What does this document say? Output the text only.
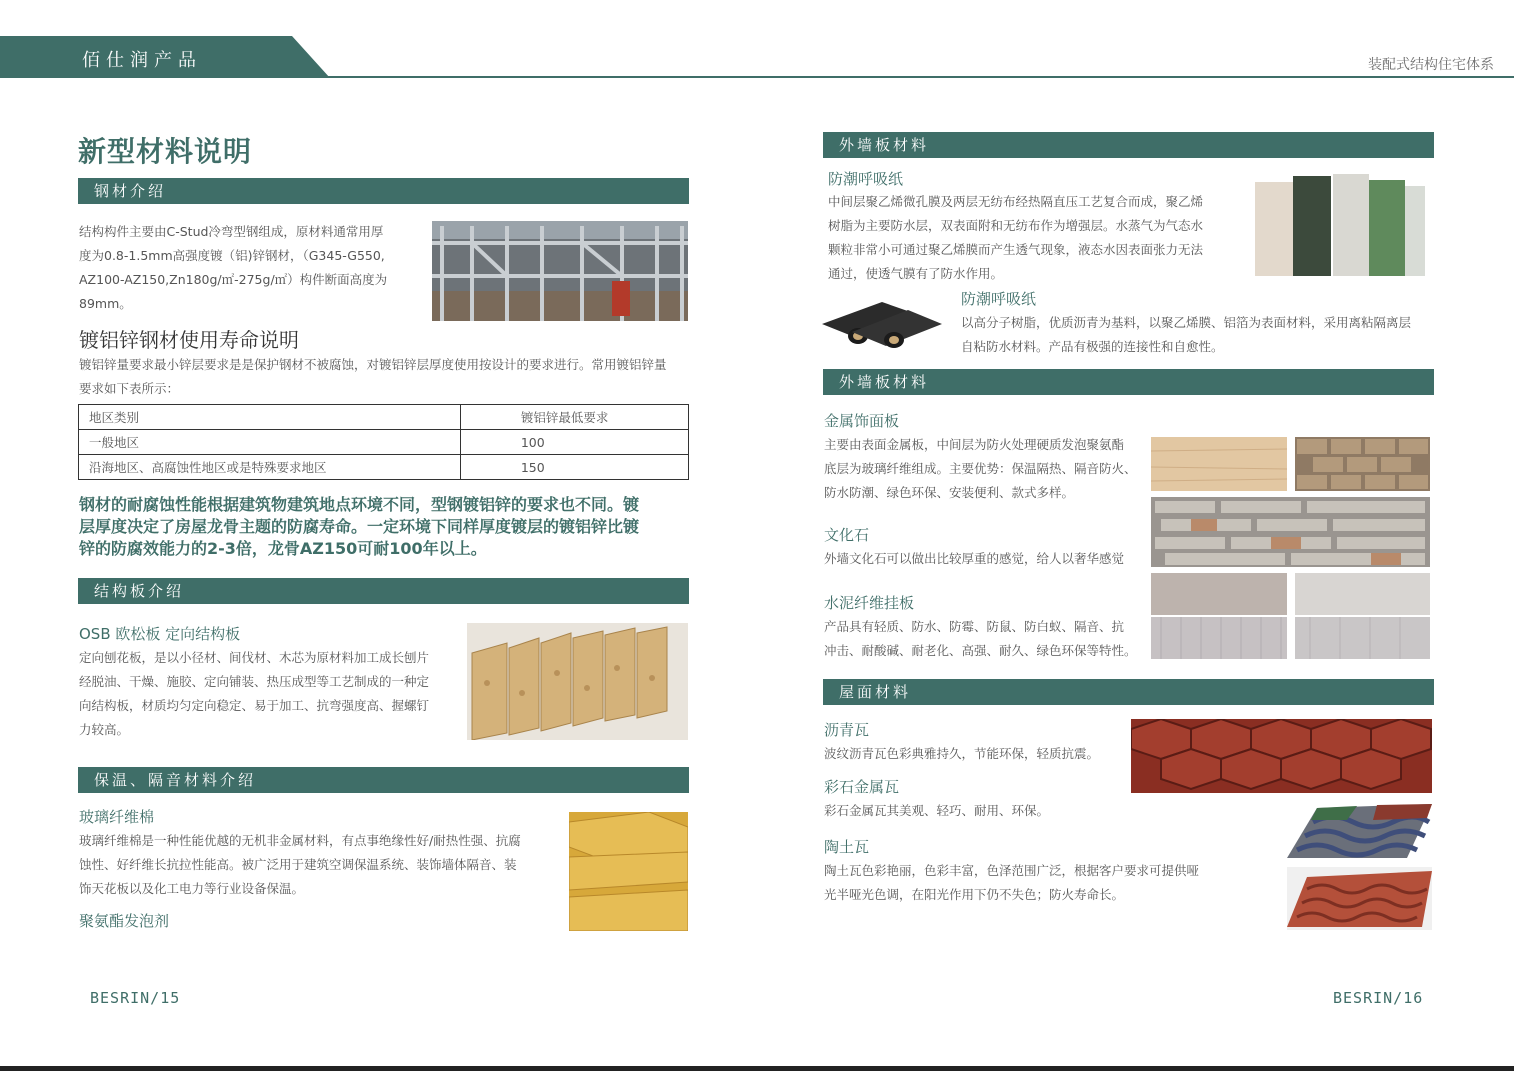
佰仕润产品	装配式结构住宅体系
新型材料说明
钢材介绍
结构构件主要由C-Stud冷弯型钢组成，原材料通常用厚
度为0.8-1.5mm高强度镀（铝)锌钢材，（G345-G550,
AZ100-AZ150,Zn180g/㎡-275g/㎡）构件断面高度为
89mm。
镀铝锌钢材使用寿命说明
镀铝锌量要求最小锌层要求是是保护钢材不被腐蚀，对镀铝锌层厚度使用按设计的要求进行。常用镀铝锌量
要求如下表所示：
地区类别	镀铝锌最低要求
一般地区	100
沿海地区、高腐蚀性地区或是特殊要求地区	150
钢材的耐腐蚀性能根据建筑物建筑地点环境不同，型钢镀铝锌的要求也不同。镀
层厚度决定了房屋龙骨主题的防腐寿命。一定环境下同样厚度镀层的镀铝锌比镀
锌的防腐效能力的2-3倍，龙骨AZ150可耐100年以上。
结构板介绍
OSB 欧松板 定向结构板
定向刨花板，是以小径材、间伐材、木芯为原材料加工成长刨片
经脱油、干燥、施胶、定向铺装、热压成型等工艺制成的一种定
向结构板，材质均匀定向稳定、易于加工、抗弯强度高、握螺钉
力较高。
保温、隔音材料介绍
玻璃纤维棉
玻璃纤维棉是一种性能优越的无机非金属材料，有点事绝缘性好/耐热性强、抗腐
蚀性、好纤维长抗拉性能高。被广泛用于建筑空调保温系统、装饰墙体隔音、装
饰天花板以及化工电力等行业设备保温。
聚氨酯发泡剂
BESRIN/15
外墙板材料
防潮呼吸纸
中间层聚乙烯微孔膜及两层无纺布经热隔直压工艺复合而成，聚乙烯
树脂为主要防水层，双表面附和无纺布作为增强层。水蒸气为气态水
颗粒非常小可通过聚乙烯膜而产生透气现象，液态水因表面张力无法
通过，使透气膜有了防水作用。
防潮呼吸纸
以高分子树脂，优质沥青为基料，以聚乙烯膜、铝箔为表面材料，采用离粘隔离层
自粘防水材料。产品有极强的连接性和自愈性。
外墙板材料
金属饰面板
主要由表面金属板，中间层为防火处理硬质发泡聚氨酯
底层为玻璃纤维组成。主要优势：保温隔热、隔音防火、
防水防潮、绿色环保、安装便利、款式多样。
文化石
外墙文化石可以做出比较厚重的感觉，给人以奢华感觉
水泥纤维挂板
产品具有轻质、防水、防霉、防鼠、防白蚁、隔音、抗
冲击、耐酸碱、耐老化、高强、耐久、绿色环保等特性。
屋面材料
沥青瓦
波纹沥青瓦色彩典雅持久，节能环保，轻质抗震。
彩石金属瓦
彩石金属瓦其美观、轻巧、耐用、环保。
陶土瓦
陶土瓦色彩艳丽，色彩丰富，色泽范围广泛，根据客户要求可提供哑
光半哑光色调，在阳光作用下仍不失色；防火寿命长。
BESRIN/16
